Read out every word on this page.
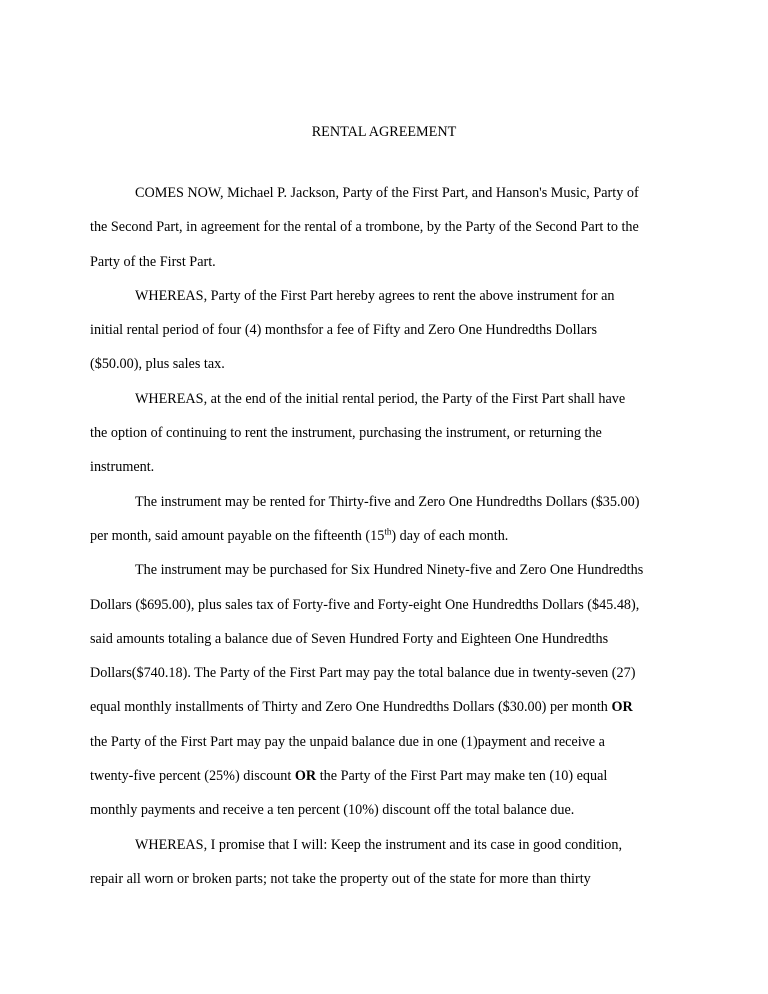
RENTAL AGREEMENT
COMES NOW, Michael P. Jackson, Party of the First Part, and Hanson's Music, Party of
the Second Part, in agreement for the rental of a trombone, by the Party of the Second Part to the
Party of the First Part.
WHEREAS, Party of the First Part hereby agrees to rent the above instrument for an
initial rental period of four (4) monthsfor a fee of Fifty and Zero One Hundredths Dollars
($50.00), plus sales tax.
WHEREAS, at the end of the initial rental period, the Party of the First Part shall have
the option of continuing to rent the instrument, purchasing the instrument, or returning the
instrument.
The instrument may be rented for Thirty-five and Zero One Hundredths Dollars ($35.00)
per month, said amount payable on the fifteenth (15th) day of each month.
The instrument may be purchased for Six Hundred Ninety-five and Zero One Hundredths
Dollars ($695.00), plus sales tax of Forty-five and Forty-eight One Hundredths Dollars ($45.48),
said amounts totaling a balance due of Seven Hundred Forty and Eighteen One Hundredths
Dollars($740.18). The Party of the First Part may pay the total balance due in twenty-seven (27)
equal monthly installments of Thirty and Zero One Hundredths Dollars ($30.00) per month OR
the Party of the First Part may pay the unpaid balance due in one (1)payment and receive a
twenty-five percent (25%) discount OR the Party of the First Part may make ten (10) equal
monthly payments and receive a ten percent (10%) discount off the total balance due.
WHEREAS, I promise that I will: Keep the instrument and its case in good condition,
repair all worn or broken parts; not take the property out of the state for more than thirty
